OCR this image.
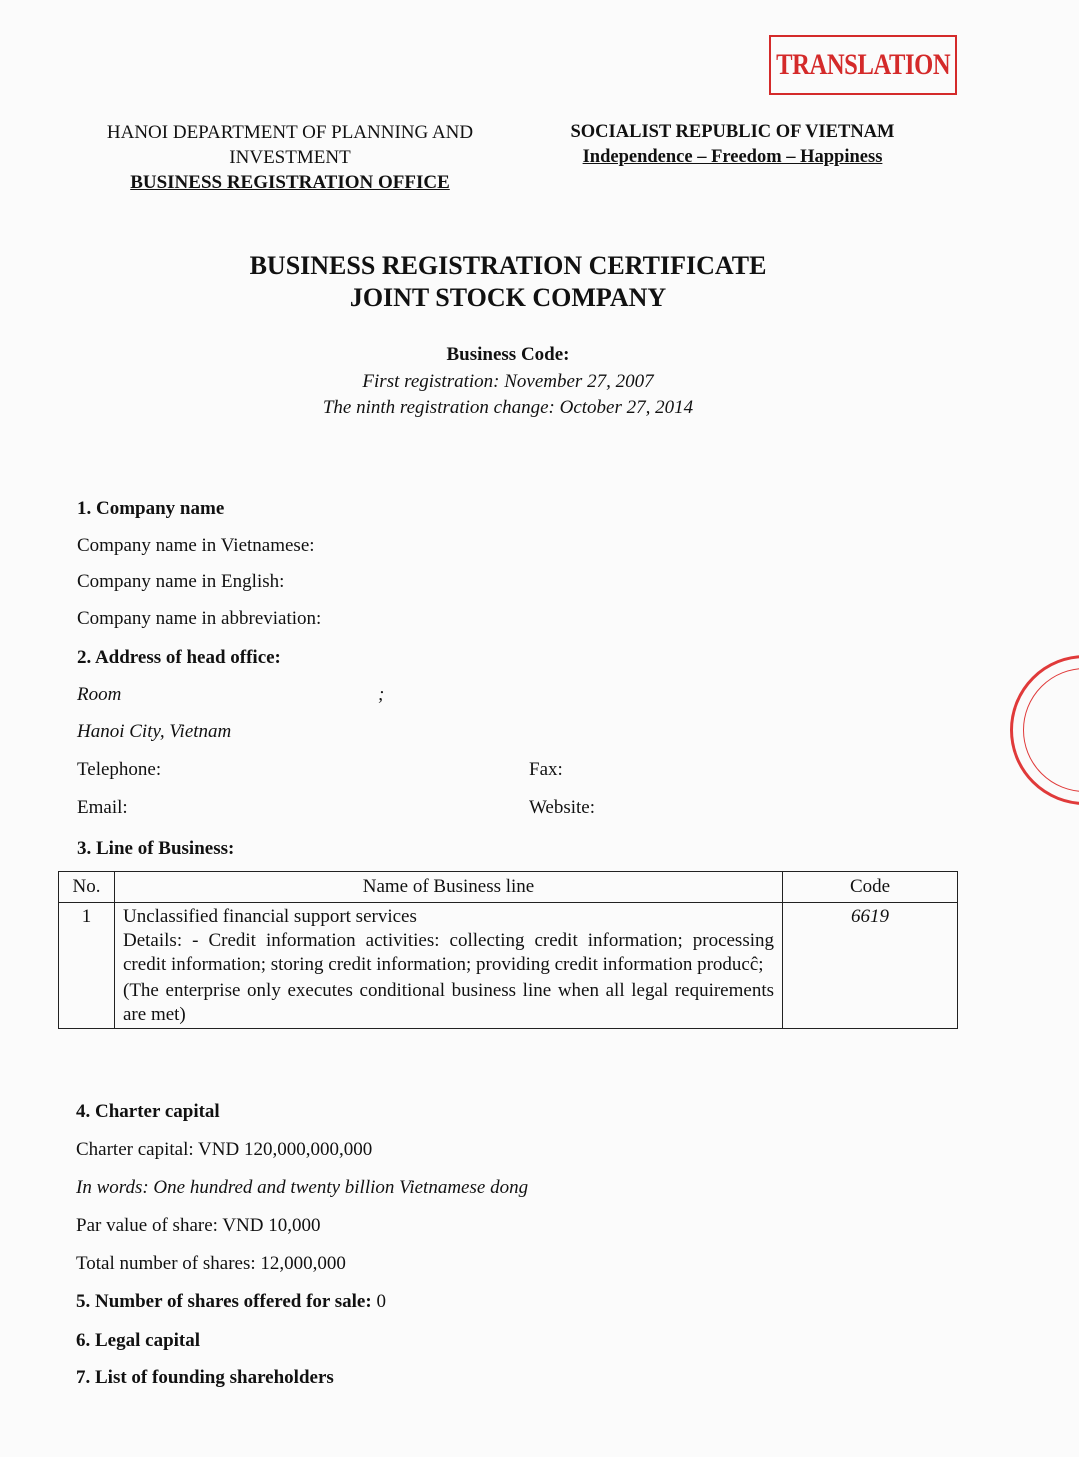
TRANSLATION
HANOI DEPARTMENT OF PLANNING AND
INVESTMENT
BUSINESS REGISTRATION OFFICE
SOCIALIST REPUBLIC OF VIETNAM
Independence – Freedom – Happiness
BUSINESS REGISTRATION CERTIFICATE
JOINT STOCK COMPANY
Business Code:
First registration: November 27, 2007
The ninth registration change: October 27, 2014
1. Company name
Company name in Vietnamese:
Company name in English:
Company name in abbreviation:
2. Address of head office:
Room	;
Hanoi City, Vietnam
Telephone:	Fax:
Email:	Website:
3. Line of Business:
No.	Name of Business line	Code
1	Unclassified financial support services
Details: - Credit information activities: collecting credit information; processing credit information; storing credit information; providing credit information producĉ;
(The enterprise only executes conditional business line when all legal requirements are met)	6619
4. Charter capital
Charter capital: VND 120,000,000,000
In words: One hundred and twenty billion Vietnamese dong
Par value of share: VND 10,000
Total number of shares: 12,000,000
5. Number of shares offered for sale: 0
6. Legal capital
7. List of founding shareholders
